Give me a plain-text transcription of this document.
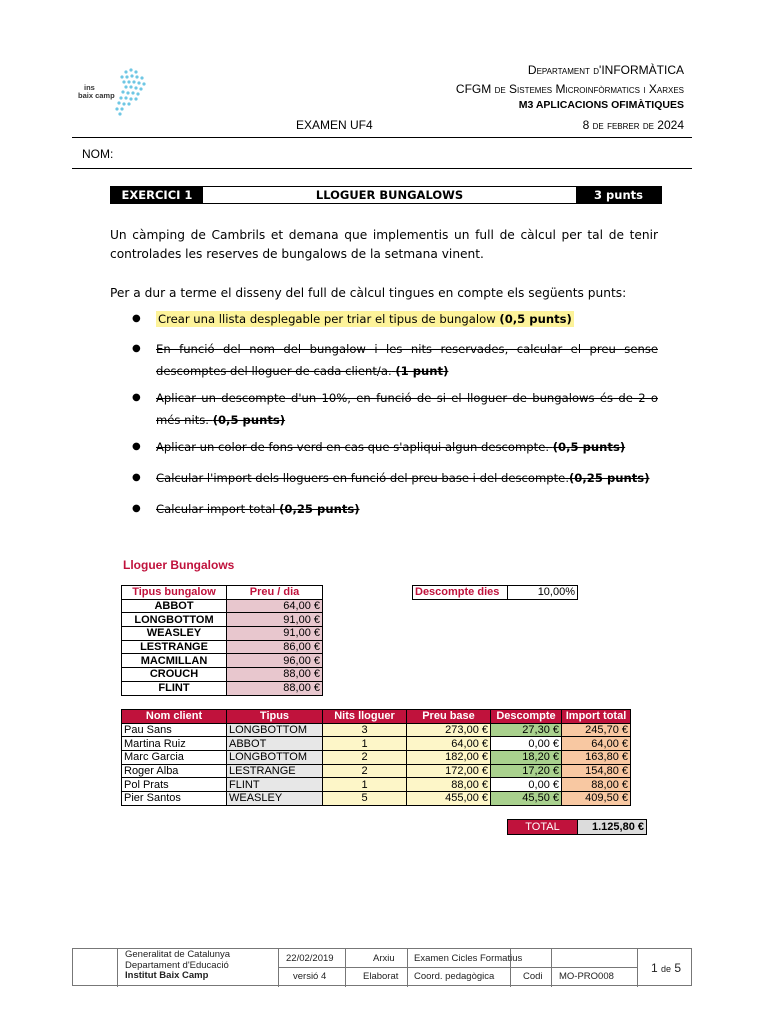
ins
baix camp
Departament d'INFORMÀTICA
CFGM de Sistemes Microinfòrmatics i Xarxes
M3 APLICACIONS OFIMÀTIQUES
EXAMEN UF4	8 de febrer de 2024
NOM:
EXERCICI 1	LLOGUER BUNGALOWS	3 punts
Un càmping de Cambrils et demana que implementis un full de càlcul per tal de tenir controlades les reserves de bungalows de la setmana vinent.
Per a dur a terme el disseny del full de càlcul tingues en compte els següents punts:
●	Crear una llista desplegable per triar el tipus de bungalow (0,5 punts)
●	En funció del nom del bungalow i les nits reservades, calcular el preu sense descomptes del lloguer de cada client/a. (1 punt)
●	Aplicar un descompte d'un 10%, en funció de si el lloguer de bungalows és de 2 o més nits. (0,5 punts)
●	Aplicar un color de fons verd en cas que s'apliqui algun descompte. (0,5 punts)
●	Calcular l'import dels lloguers en funció del preu base i del descompte.(0,25 punts)
●	Calcular import total (0,25 punts)
Lloguer Bungalows
Tipus bungalow	Preu / dia
ABBOT	64,00 €
LONGBOTTOM	91,00 €
WEASLEY	91,00 €
LESTRANGE	86,00 €
MACMILLAN	96,00 €
CROUCH	88,00 €
FLINT	88,00 €
Descompte dies	10,00%
Nom client	Tipus	Nits lloguer	Preu base	Descompte	Import total
Pau Sans	LONGBOTTOM	3	273,00 €	27,30 €	245,70 €
Martina Ruiz	ABBOT	1	64,00 €	0,00 €	64,00 €
Marc Garcia	LONGBOTTOM	2	182,00 €	18,20 €	163,80 €
Roger Alba	LESTRANGE	2	172,00 €	17,20 €	154,80 €
Pol Prats	FLINT	1	88,00 €	0,00 €	88,00 €
Pier Santos	WEASLEY	5	455,00 €	45,50 €	409,50 €
TOTAL	1.125,80 €
Generalitat de Catalunya
Departament d'Educació
Institut Baix Camp
22/02/2019
versió 4
Arxiu
Elaborat
Examen Cicles Formatius
Coord. pedagògica	Codi MO-PRO008
1 de 5
